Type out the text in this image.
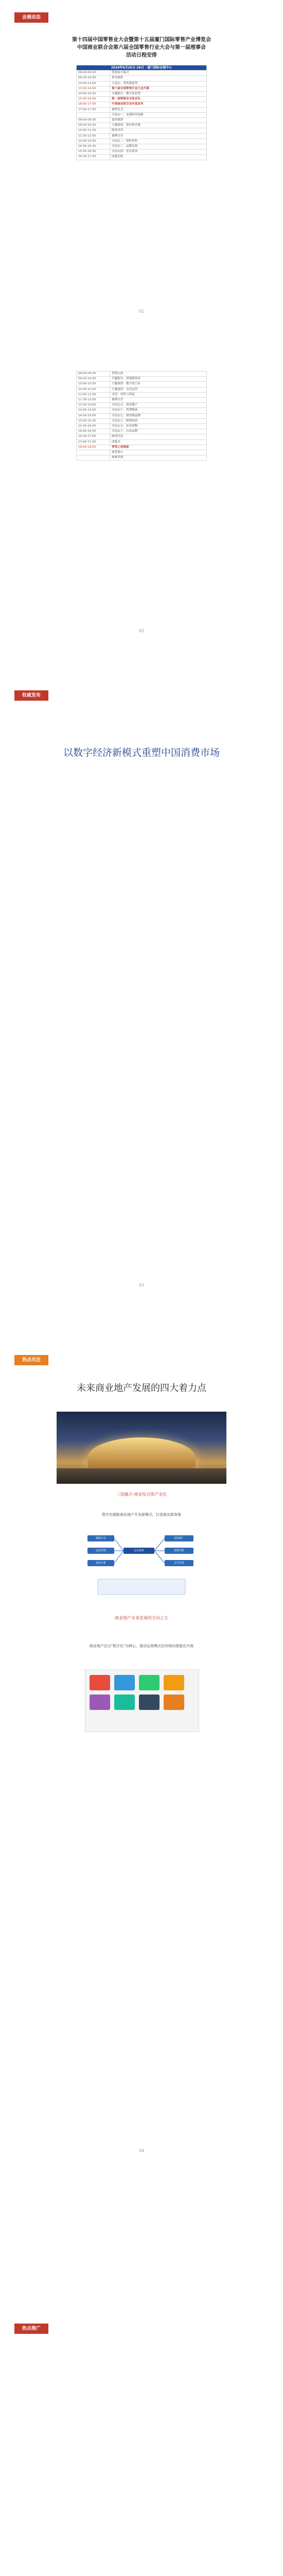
会展动态
第十四届中国零售业大会暨第十五届厦门国际零售产业博览会
中国商业联合会第六届全国零售行业大会与第一届理事会
活动日程安排
2024年6月25日-26日 · 厦门国际会展中心	
09:00-09:30	签到及开幕式
09:30-10:00	领导致辞
10:00-12:00	主论坛：零售新趋势
13:30-14:00	第六届全国零售行业大会开幕
14:00-15:30	专题报告：数字化转型
15:30-16:00	第一届理事会全体会议
16:00-17:00	中国商业联合会年度发布
17:00-17:30	颁奖仪式
	分论坛一：连锁经营创新
09:00-09:30	嘉宾致辞
09:30-10:30	主题演讲：供应链升级
10:30-11:30	圆桌对话
11:30-12:00	案例分享
13:30-14:30	分论坛二：即时零售
14:30-15:30	分论坛三：品牌出海
15:30-16:30	分论坛四：社区商业
16:30-17:30	闭幕总结
01
09:00-09:30	签到入场
09:30-10:00	专题报告：消费新场景
10:00-10:30	主题演讲：数字化门店
10:30-11:00	主题演讲：会员运营
11:00-11:30	对话：零售与科技
11:30-12:00	案例分享
13:30-14:00	分论坛五：商业地产
14:00-14:30	分论坛六：智慧物流
14:30-15:00	分论坛七：新消费品牌
15:00-15:30	分论坛八：跨境电商
15:30-16:00	分论坛九：社区团购
16:00-16:30	分论坛十：自有品牌
16:30-17:00	圆桌讨论
17:00-17:30	闭幕式
18:00-19:00	零售之夜晚宴
	展览展示
	参观考察
02
权威发布
以数字经济新模式重塑中国消费市场
03
热点关注
未来商业地产发展的四大着力点
三馆融合·商业综合体产业化
数字化赋能商业地产开发新模式，打造商业新高地
数据中台
运营管理
客流分析
会员体系
营销推广
智能导航
支付结算
商业地产未来发展的方向之五
商业地产应以"数字化"为核心，推动运营模式由传统向智能化升级
04
热点推广
